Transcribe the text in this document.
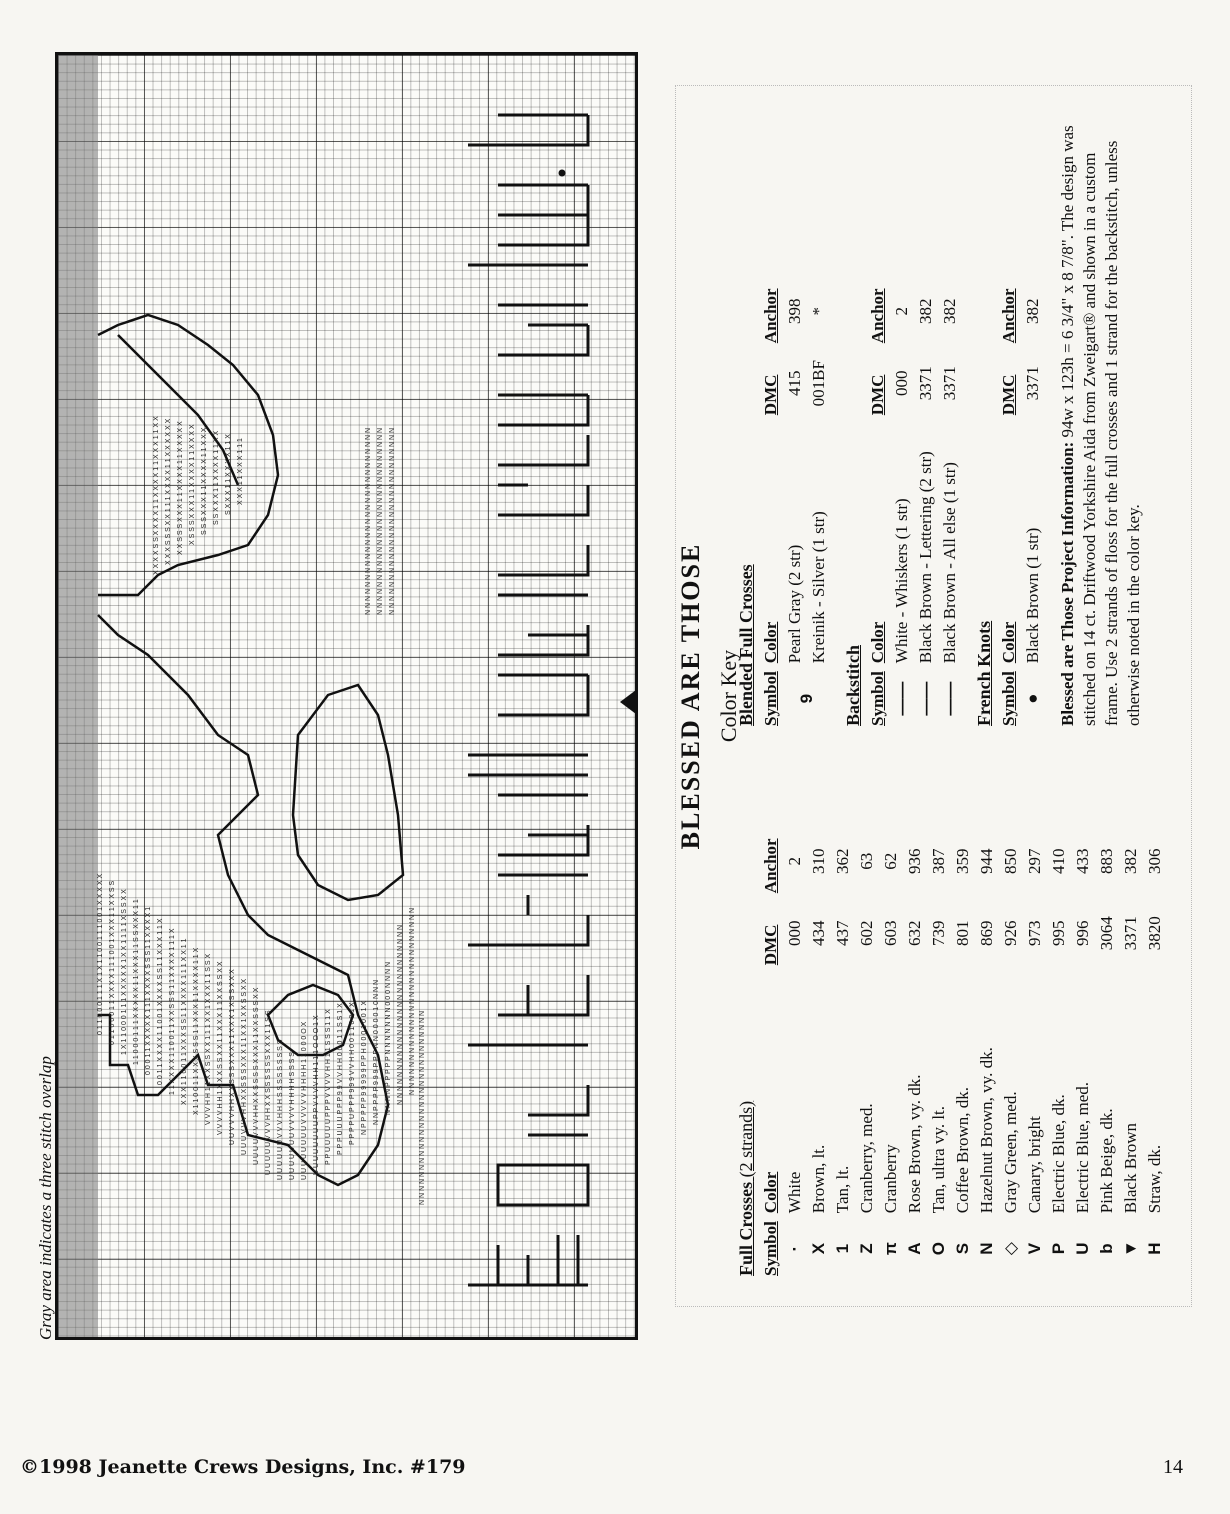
Gray area indicates a three stitch overlap
0 1 1 0 0 0 1 1 1 X 1 X 1 1 0 0 1 1 1 0 0 1 X X X X X 0 1 1 0 0 0 1 1 X X X X 1 1 1 0 0 1 X X X 1 1 X X S S 1 X 1 1 0 0 0 1 1 1 X X X X X 1 X X 1 1 1 1 X S S X X 1 1 0 0 0 1 1 1 X X X X X 1 1 X X X 1 1 S S X X X 1 1 0 0 0 1 1 X X X X X 1 1 1 X X X X S S S 1 1 X X X X 1 0 0 1 1 X X X X 1 1 0 0 1 X X X X S S 1 1 X X X 1 1 X 1 1 X X X X 1 1 0 0 1 1 X X S S S 1 1 X X X X 1 1 1 X X X X 1 1 0 0 1 1 X X X S S 1 1 X X X X 1 1 1 X X 1 1 X 1 1 0 0 1 1 X X X S S S 1 1 X X X 1 1 X X X X 1 1 X V V V H H 1 1 X X S S X X 1 1 1 X X 1 X X X 1 1 S S X V V V V H H 1 X X X S S X X 1 1 X X X 1 1 X X S S X X U U V V V H H X X S S S X X X 1 1 X X X 1 X S S X X X U U U V V V H H X X S S S X X X 1 1 X X 1 X X S S X X U U U U V V V H H X X S S S S X X X 1 1 X X S S S X X U U U U U V V V H H X X S S S S S S X X X 1 1 S S U U U U U U V V V H H H S S S S S S S S S U U U U U U U V V V V H H H H S S S S U U U U U U U U V V V V V H H H H 1 1 0 0 0 O X U U U U U U U U P P V V V V H H 1 1 1 O O O 1 X P P U U U U U P P P V V V V H H 1 1 S S S 1 1 X P P P U U U P P P 9 9 V V H H 0 0 0 1 1 S S 1 X P P P P U P P P 9 9 9 V V H H 0 0 1 1 0 0 1 X N P P P P P 9 9 9 9 9 P P H 0 0 0 1 0 0 1 X N N P P P P 9 9 9 P P P N N 0 0 0 0 1 0 N N N N N N N P P P P P N N N N N N N 0 0 0 N N N N N N N N N N N N N N N N N N N N N N N N N N N N N N N N N N N N N N N N N N N N N N N N N N N N N N N N N
N N N N N N N N N N N N N N N N N N N N N N N N N N N N N N N N N N N N N N N N N N N N N N N N N N N N N N N N N N N N N N N N N N N N N N N N N N N N N N N N N
N N N N N N N N N N N N N N N N N N N N N N N N N N N N
X X X X S S X X X X 1 1 X X X X 1 1 X X X 1 1 X X X X X S S S X X 1 1 1 X X X X 1 1 X X X X X X X X S S S X X X 1 1 X X X X 1 1 X X X X X X S S S X X X 1 1 X X X X 1 1 X X X X S S S X X X 1 1 X X X X 1 1 X X X S S X X X 1 1 X X X X 1 1 X X S X X X 1 1 X X X X 1 1 X X X X 1 1 X X X 1 1 1
BLESSED ARE THOSE Color Key
Full Crosses (2 strands)
Symbol	Color	DMC	Anchor
·	White	000	2
X	Brown, lt.	434	310
1	Tan, lt.	437	362
Z	Cranberry, med.	602	63
π	Cranberry	603	62
A	Rose Brown, vy. dk.	632	936
O	Tan, ultra vy. lt.	739	387
S	Coffee Brown, dk.	801	359
N	Hazelnut Brown, vy. dk.	869	944
◇	Gray Green, med.	926	850
V	Canary, bright	973	297
P	Electric Blue, dk.	995	410
U	Electric Blue, med.	996	433
b	Pink Beige, dk.	3064	883
▼	Black Brown	3371	382
H	Straw, dk.	3820	306
Blended Full Crosses Symbol	Color	DMC	Anchor
9	Pearl Gray (2 str)	415	398
	Kreinik - Silver (1 str)	001BF	*
Backstitch Symbol	Color	DMC	Anchor
——	White - Whiskers (1 str)	000	2
——	Black Brown - Lettering (2 str)	3371	382
——	Black Brown - All else (1 str)	3371	382
French Knots Symbol	Color	DMC	Anchor
●	Black Brown (1 str)	3371	382
Blessed are Those Project Information: 94w x 123h = 6 3/4" x 8 7/8". The design was stitched on 14 ct. Driftwood Yorkshire Aida from Zweigart® and shown in a custom frame. Use 2 strands of floss for the full crosses and 1 strand for the backstitch, unless otherwise noted in the color key.
©1998 Jeanette Crews Designs, Inc. #179	14
